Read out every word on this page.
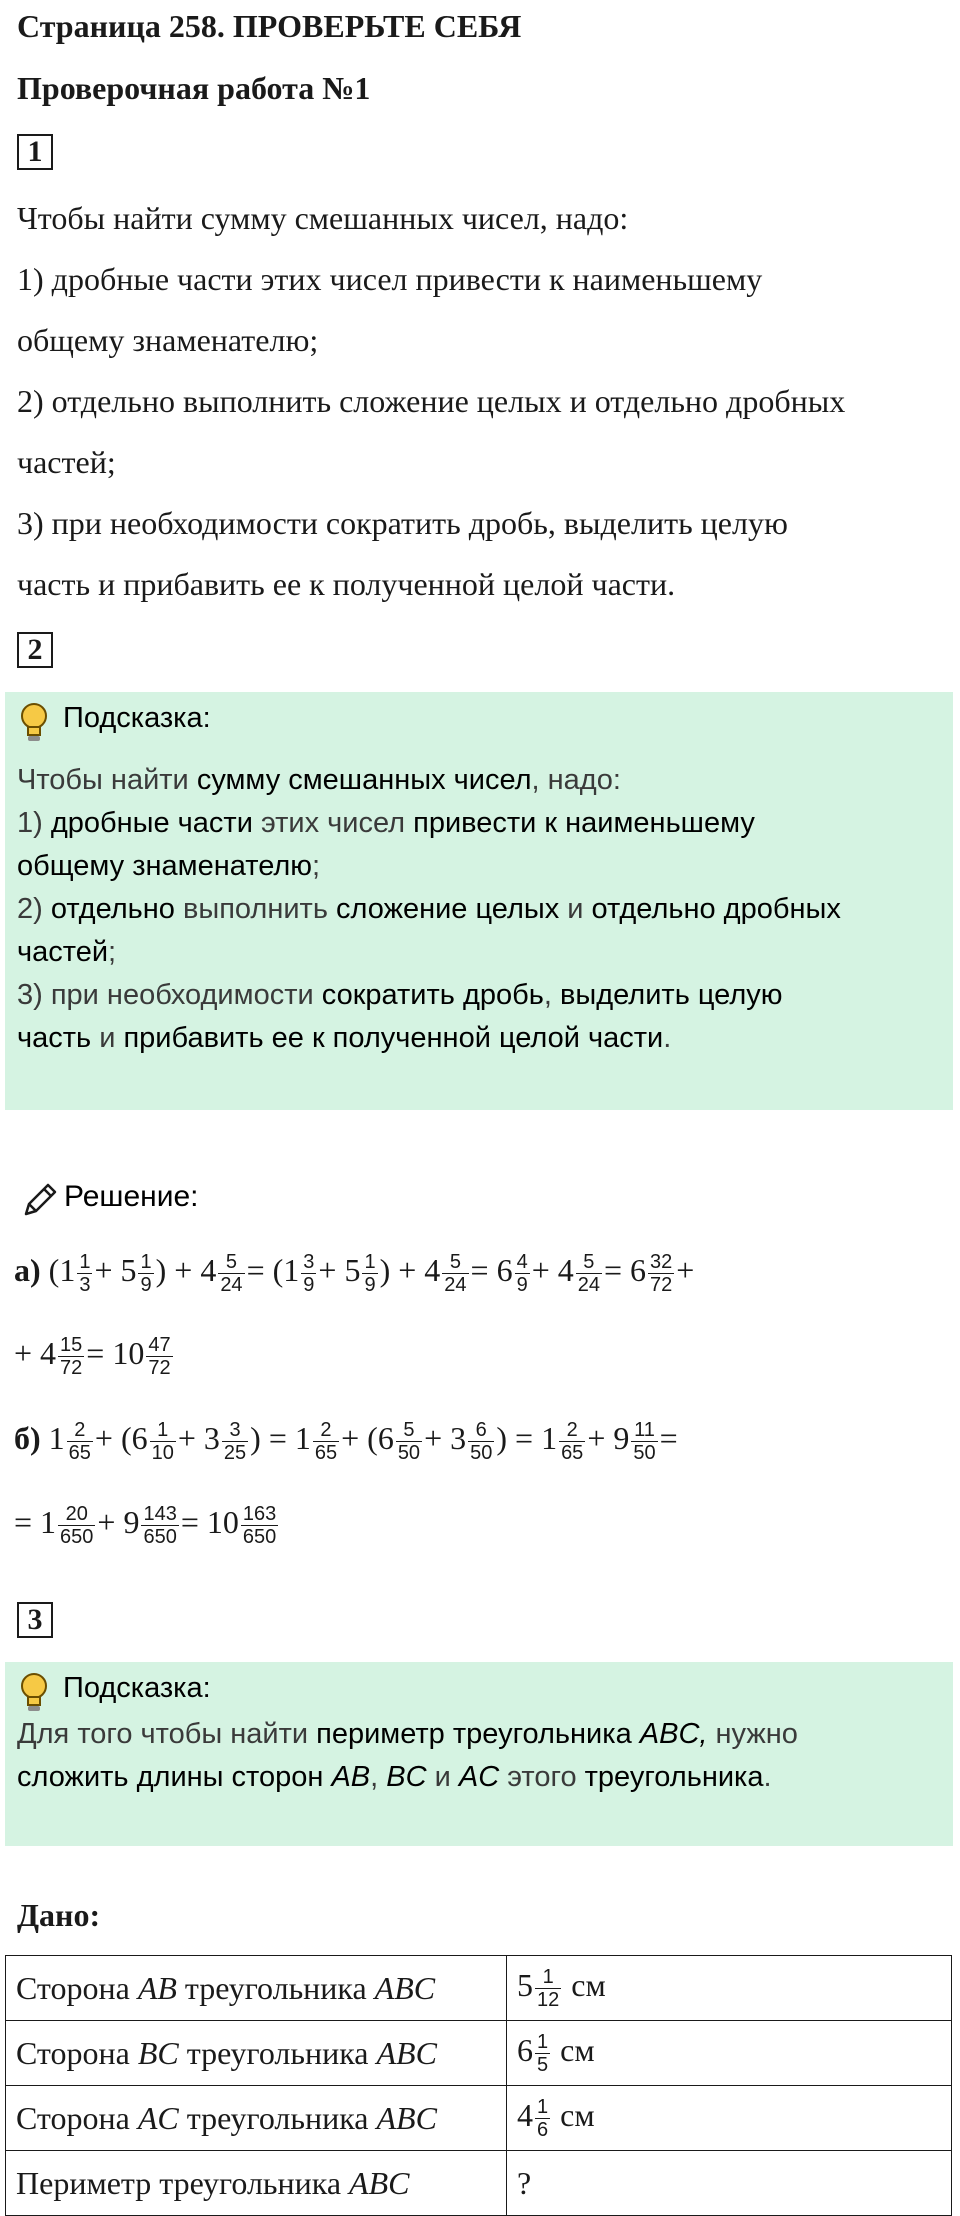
Страница 258. ПРОВЕРЬТЕ СЕБЯ
Проверочная работа №1
1
Чтобы найти сумму смешанных чисел, надо:
1) дробные части этих чисел привести к наименьшему
общему знаменателю;
2) отдельно выполнить сложение целых и отдельно дробных
частей;
3) при необходимости сократить дробь, выделить целую
часть и прибавить ее к полученной целой части.
2
Подсказка:
Чтобы найти сумму смешанных чисел, надо:
1) дробные части этих чисел привести к наименьшему
общему знаменателю;
2) отдельно выполнить сложение целых и отдельно дробных
частей;
3) при необходимости сократить дробь, выделить целую
часть и прибавить ее к полученной целой части.
Решение:
а) ($1 \frac{1}{3} + 5 \frac{1}{9}$ ) + $4 \frac{5}{24} = (1 \frac{3}{9} + 5 \frac{1}{9}$ ) + $4 \frac{5}{24} = 6 \frac{4}{9} + 4 \frac{5}{24} = 6 \frac{32}{72}$ +
+ $4 \frac{15}{72} = 10 \frac{47}{72}$
б) $1 \frac{2}{65} + (6 \frac{1}{10} + 3 \frac{3}{25}$ ) = $1 \frac{2}{65} + (6 \frac{5}{50} + 3 \frac{6}{50}$ ) = $1 \frac{2}{65} + 9 \frac{11}{50}$ =
= $1 \frac{20}{650} + 9 \frac{143}{650} = 10 \frac{163}{650}$
3
Подсказка:
Для того чтобы найти периметр треугольника ABC, нужно
сложить длины сторон AB, BC и AC этого треугольника.
Дано:
Сторона AB треугольника ABC	$5 \frac{1}{12}$ см
Сторона BC треугольника ABC	$6 \frac{1}{5}$ см
Сторона AC треугольника ABC	$4 \frac{1}{6}$ см
Периметр треугольника ABC	?
